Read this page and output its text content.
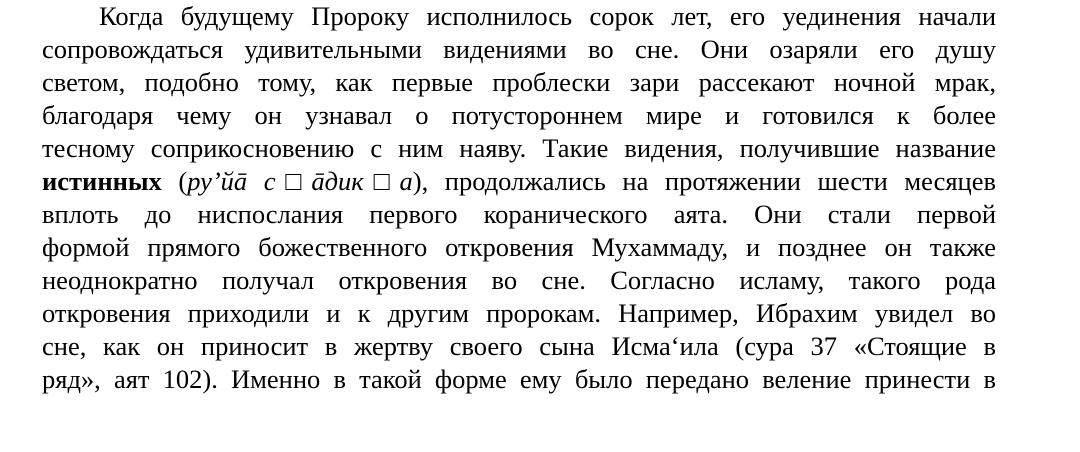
Когда будущему Пророку исполнилось сорок лет, его уединения начали
сопровождаться удивительными видениями во сне. Они озаряли его душу
светом, подобно тому, как первые проблески зари рассекают ночной мрак,
благодаря чему он узнавал о потустороннем мире и готовился к более
тесному соприкосновению с ним наяву. Такие видения, получившие название
истинных (ру’йā с□āдик□а), продолжались на протяжении шести месяцев
вплоть до ниспослания первого коранического аята. Они стали первой
формой прямого божественного откровения Мухаммаду, и позднее он также
неоднократно получал откровения во сне. Согласно исламу, такого рода
откровения приходили и к другим пророкам. Например, Ибрахим увидел во
сне, как он приносит в жертву своего сына Исма‘ила (сура 37 «Стоящие в
ряд», аят 102). Именно в такой форме ему было передано веление принести в
